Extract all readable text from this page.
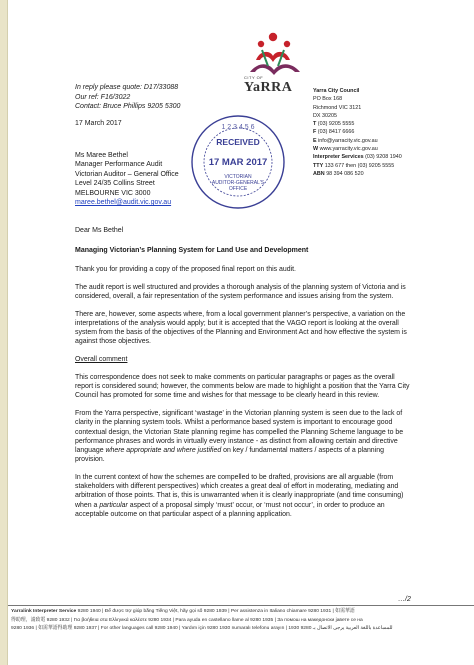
CITY OF
YaRRA	Yarra City Council
PO Box 168
Richmond VIC 3121
DX 30205
T (03) 9205 5555
F (03) 8417 6666
E info@yarracity.vic.gov.au
W www.yarracity.vic.gov.au
Interpreter Services (03) 9208 1940
TTY 133 677 then (03) 9205 5555
ABN 98 394 086 520
In reply please quote: D17/33088
Our ref: F16/3022
Contact: Bruce Phillips 9205 5300
17 March 2017
Ms Maree Bethel
Manager Performance Audit
Victorian Auditor – General Office
Level 24/35 Collins Street
MELBOURNE VIC 3000
maree.bethel@audit.vic.gov.au
1 2 3 4 5 6
RECEIVED
17 MAR 2017
VICTORIAN
AUDITOR-GENERAL'S
OFFICE
Dear Ms Bethel
Managing Victorian’s Planning System for Land Use and Development

Thank you for providing a copy of the proposed final report on this audit.

The audit report is well structured and provides a thorough analysis of the planning system of Victoria and is considered, overall, a fair representation of the system performance and issues arising from the system.

There are, however, some aspects where, from a local government planner’s perspective, a variation on the interpretations of the analysis would apply; but it is accepted that the VAGO report is looking at the overall system from the basis of the objectives of the Planning and Environment Act and how effective the system is against those objectives.

Overall comment

This correspondence does not seek to make comments on particular paragraphs or pages as the overall report is considered sound; however, the comments below are made to highlight a position that the Yarra City Council has promoted for some time and wishes for that message to be clearly heard in this review.

From the Yarra perspective, significant ‘wastage’ in the Victorian planning system is seen due to the lack of clarity in the planning system tools. Whilst a performance based system is important to encourage good contextual design, the Victorian State planning regime has compelled the Planning Scheme language to be performance phrases and words in virtually every instance - as distinct from allowing certain and directive language where appropriate and where justified on key / fundamental matters / aspects of a planning provision.

In the current context of how the schemes are compelled to be drafted, provisions are all arguable (from stakeholders with different perspectives) which creates a great deal of effort in moderating, mediating and arbitration of those points. That is, this is unwarranted when it is clearly inappropriate (and time consuming) when a particular aspect of a proposal simply ‘must’ occur, or ‘must not occur’, in order to produce an acceptable outcome on that particular aspect of a planning application.

…/2
Yarralink Interpreter Service 9280 1940 | Để được trợ giúp bằng Tiếng Việt, hãy gọi số 9280 1939 | Per assistenza in Italiano chiamare 9280 1931 | 如需華語
得助理，請致電 9280 1932 | Για βοήθεια στα Ελληνικά καλέστε 9280 1934 | Para ayuda en castellano llame al 9280 1935 | За помош на македонски јавете се на
9280 1936 | 如需華語得助理 9280 1937 | For other languages call 9280 1940 | Yardım için 9280 1930 numaralı telefonu arayın | للمساعدة باللغة العربية يرجى الاتصال بـ 9280 1930
